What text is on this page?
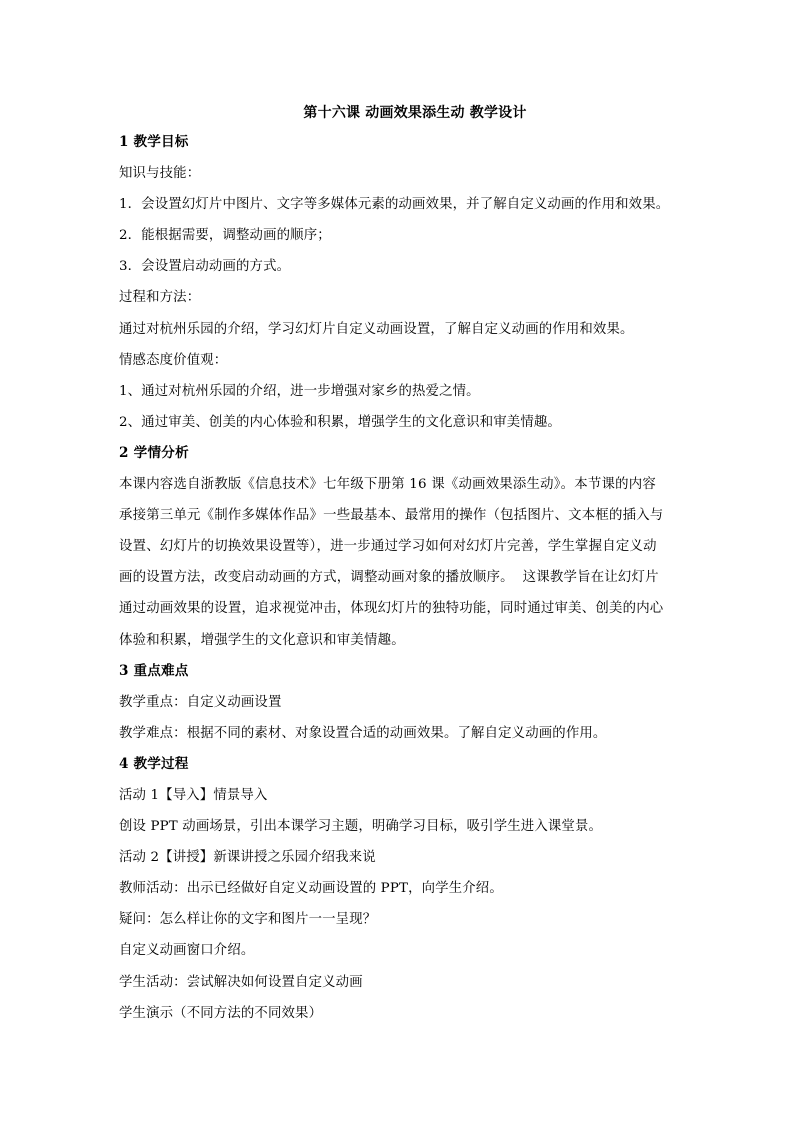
第十六课 动画效果添生动 教学设计
1 教学目标
知识与技能：
1．会设置幻灯片中图片、文字等多媒体元素的动画效果，并了解自定义动画的作用和效果。
2．能根据需要，调整动画的顺序；
3．会设置启动动画的方式。
过程和方法：
通过对杭州乐园的介绍，学习幻灯片自定义动画设置，了解自定义动画的作用和效果。
情感态度价值观：
1、通过对杭州乐园的介绍，进一步增强对家乡的热爱之情。
2、通过审美、创美的内心体验和积累，增强学生的文化意识和审美情趣。
2 学情分析
本课内容选自浙教版《信息技术》七年级下册第 16 课《动画效果添生动》。本节课的内容
承接第三单元《制作多媒体作品》一些最基本、最常用的操作（包括图片、文本框的插入与
设置、幻灯片的切换效果设置等），进一步通过学习如何对幻灯片完善，学生掌握自定义动
画的设置方法，改变启动动画的方式，调整动画对象的播放顺序。  这课教学旨在让幻灯片
通过动画效果的设置，追求视觉冲击，体现幻灯片的独特功能，同时通过审美、创美的内心
体验和积累，增强学生的文化意识和审美情趣。
3 重点难点
教学重点：自定义动画设置
教学难点：根据不同的素材、对象设置合适的动画效果。了解自定义动画的作用。
4 教学过程
活动 1【导入】情景导入
创设 PPT 动画场景，引出本课学习主题，明确学习目标，吸引学生进入课堂景。
活动 2【讲授】新课讲授之乐园介绍我来说
教师活动：出示已经做好自定义动画设置的 PPT，向学生介绍。
疑问：怎么样让你的文字和图片一一呈现？
自定义动画窗口介绍。
学生活动：尝试解决如何设置自定义动画
学生演示（不同方法的不同效果）
